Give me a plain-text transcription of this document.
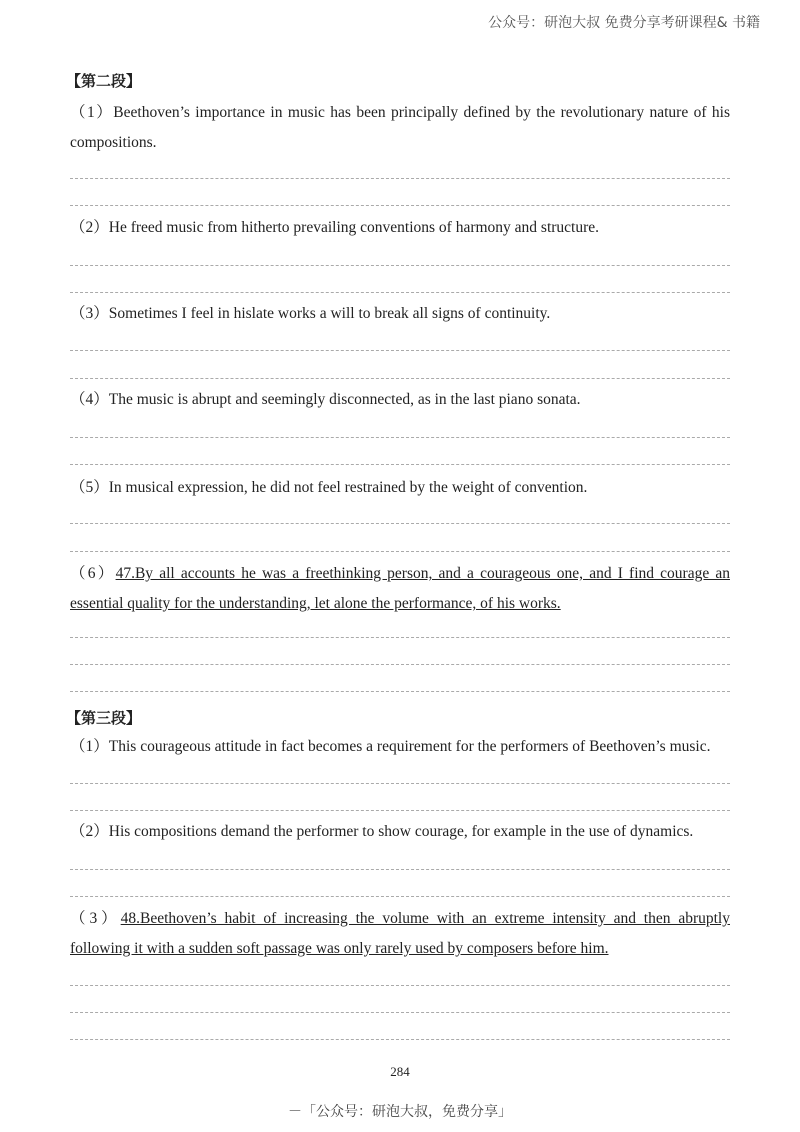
公众号：研泡大叔 免费分享考研课程& 书籍
【第二段】
（1）Beethoven’s importance in music has been principally defined by the revolutionary nature of his compositions.
（2）He freed music from hitherto prevailing conventions of harmony and structure.
（3）Sometimes I feel in hislate works a will to break all signs of continuity.
（4）The music is abrupt and seemingly disconnected, as in the last piano sonata.
（5）In musical expression, he did not feel restrained by the weight of convention.
（6）47.By all accounts he was a freethinking person, and a courageous one, and I find courage an essential quality for the understanding, let alone the performance, of his works.
【第三段】
（1）This courageous attitude in fact becomes a requirement for the performers of Beethoven’s music.
（2）His compositions demand the performer to show courage, for example in the use of dynamics.
（3）48.Beethoven’s habit of increasing the volume with an extreme intensity and then abruptly following it with a sudden soft passage was only rarely used by composers before him.
284
－「公众号：研泡大叔，免费分享」
